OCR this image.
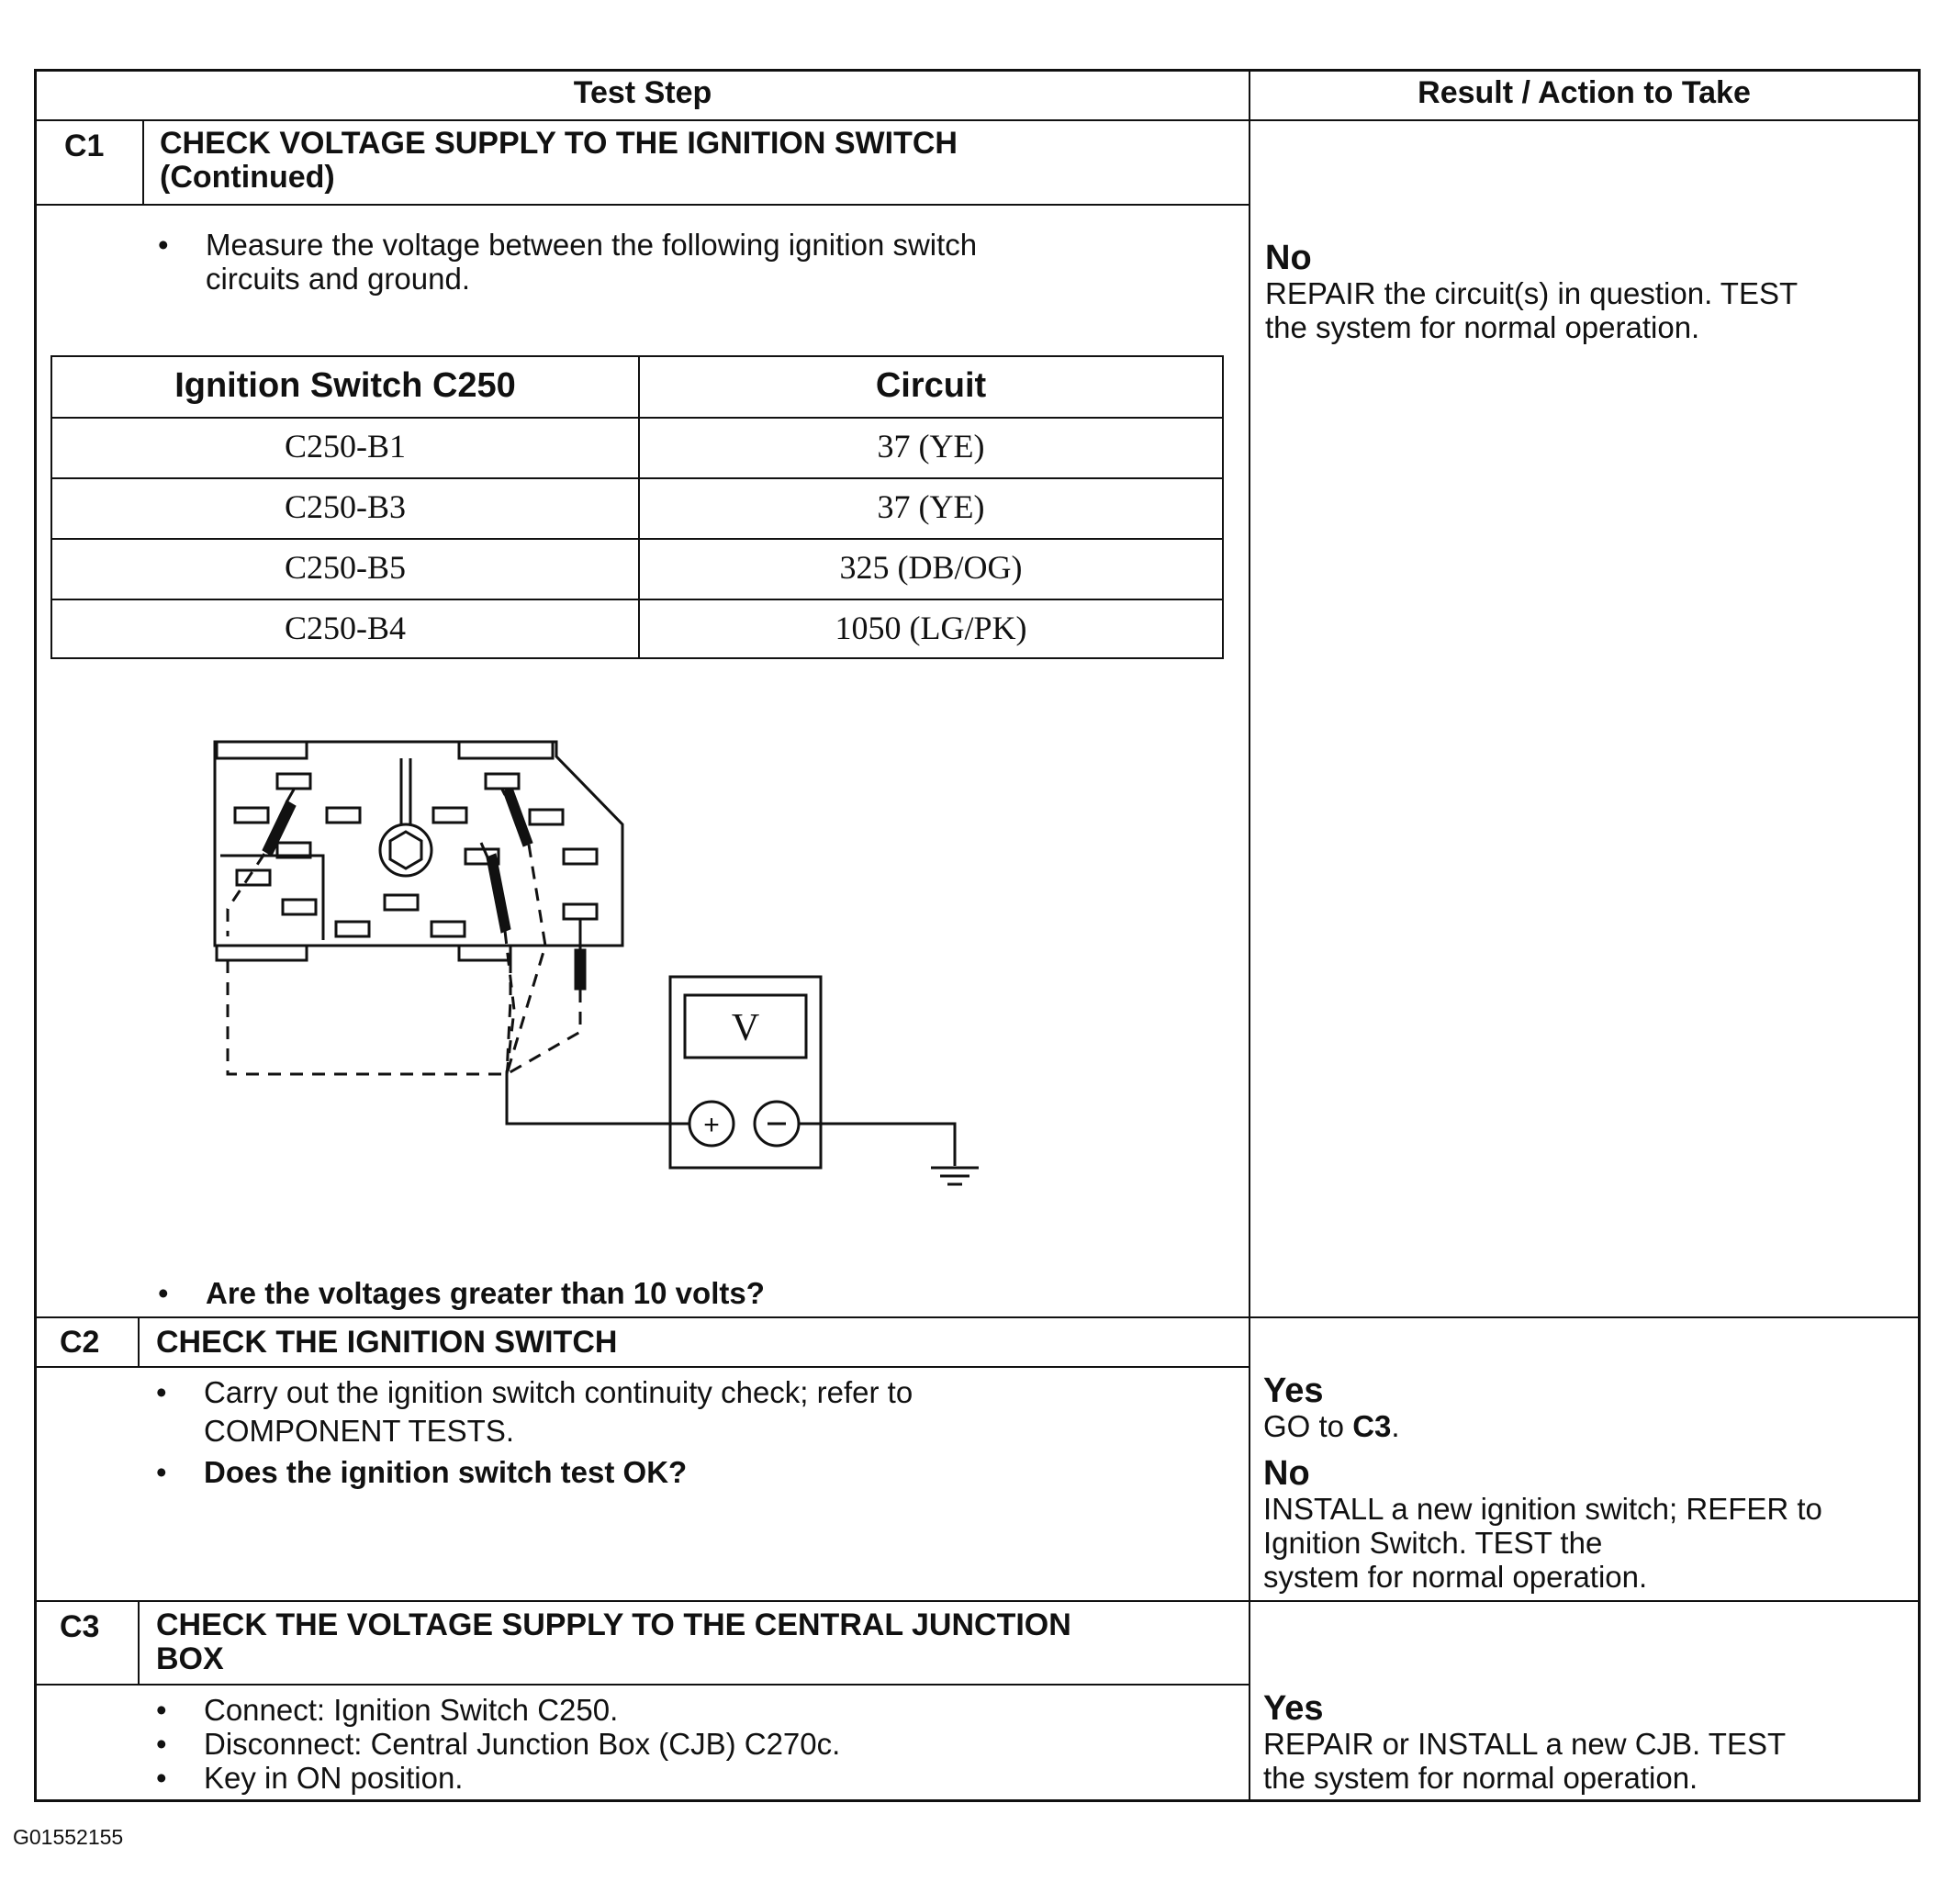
Test Step	Result / Action to Take
C1 CHECK VOLTAGE SUPPLY TO THE IGNITION SWITCH
(Continued)
• Measure the voltage between the following ignition switch
circuits and ground.
Ignition Switch C250	Circuit
C250-B1	37 (YE)
C250-B3	37 (YE)
C250-B5	325 (DB/OG)
C250-B4	1050 (LG/PK)
V
+
• Are the voltages greater than 10 volts?
No
REPAIR the circuit(s) in question. TEST
the system for normal operation.
C2 CHECK THE IGNITION SWITCH
• Carry out the ignition switch continuity check; refer to
COMPONENT TESTS.
• Does the ignition switch test OK?
Yes
GO to C3.
No
INSTALL a new ignition switch; REFER to
Ignition Switch. TEST the
system for normal operation.
C3 CHECK THE VOLTAGE SUPPLY TO THE CENTRAL JUNCTION
BOX
• Connect: Ignition Switch C250.
• Disconnect: Central Junction Box (CJB) C270c.
• Key in ON position.
Yes
REPAIR or INSTALL a new CJB. TEST
the system for normal operation.
G01552155
